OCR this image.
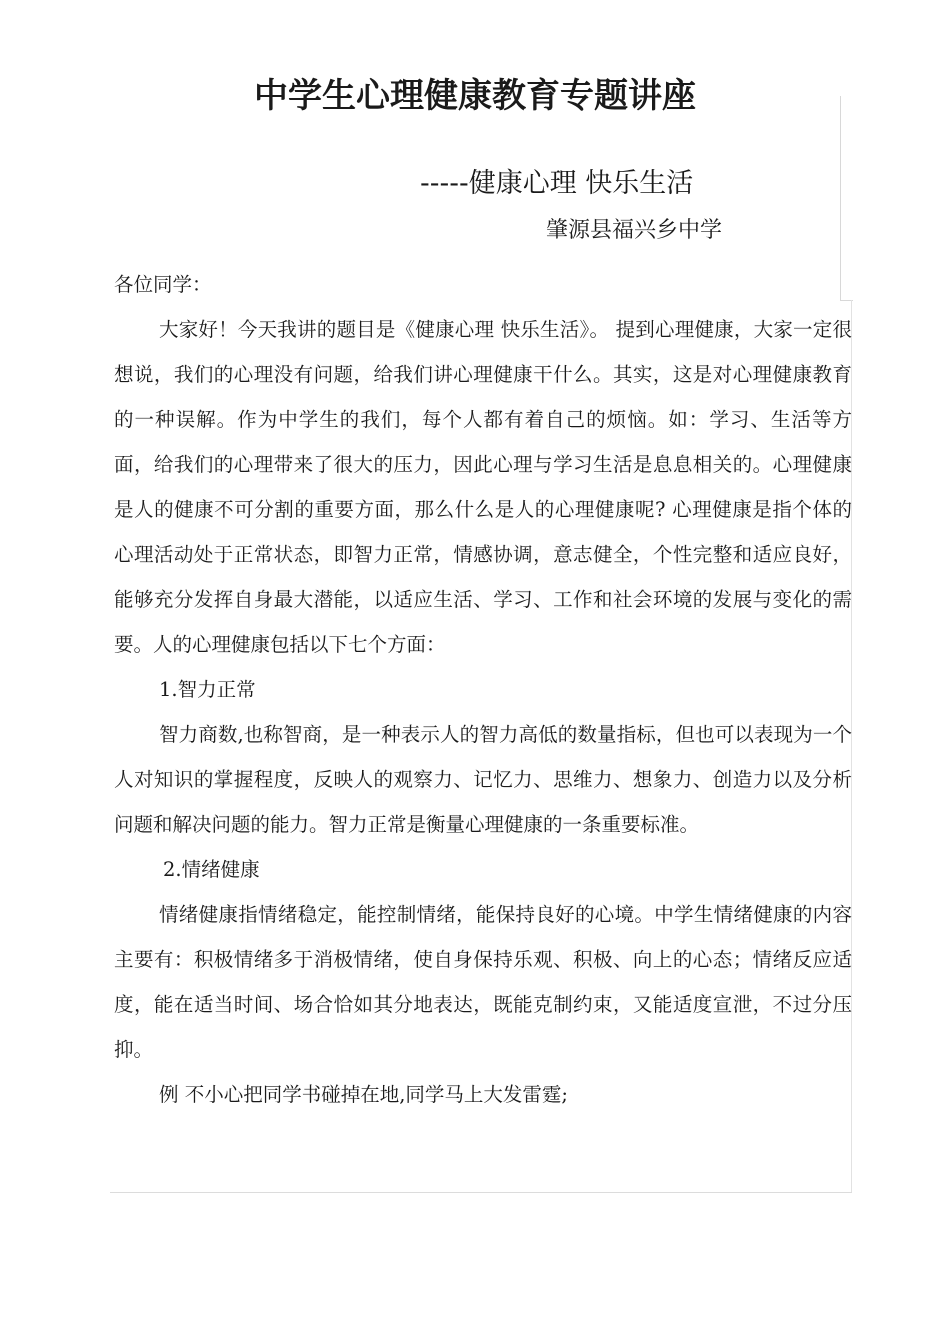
中学生心理健康教育专题讲座
-----健康心理 快乐生活
肇源县福兴乡中学

各位同学：

大家好！今天我讲的题目是《健康心理 快乐生活》。 提到心理健康，大家一定很想说，我们的心理没有问题，给我们讲心理健康干什么。其实，这是对心理健康教育的一种误解。作为中学生的我们，每个人都有着自己的烦恼。如：学习、生活等方面，给我们的心理带来了很大的压力，因此心理与学习生活是息息相关的。心理健康是人的健康不可分割的重要方面，那么什么是人的心理健康呢? 心理健康是指个体的心理活动处于正常状态，即智力正常，情感协调，意志健全，个性完整和适应良好，能够充分发挥自身最大潜能，以适应生活、学习、工作和社会环境的发展与变化的需要。人的心理健康包括以下七个方面：

1.智力正常

智力商数,也称智商，是一种表示人的智力高低的数量指标，但也可以表现为一个人对知识的掌握程度，反映人的观察力、记忆力、思维力、想象力、创造力以及分析问题和解决问题的能力。智力正常是衡量心理健康的一条重要标准。

2.情绪健康

情绪健康指情绪稳定，能控制情绪，能保持良好的心境。中学生情绪健康的内容主要有：积极情绪多于消极情绪，使自身保持乐观、积极、向上的心态；情绪反应适度，能在适当时间、场合恰如其分地表达，既能克制约束，又能适度宣泄，不过分压抑。

例 不小心把同学书碰掉在地,同学马上大发雷霆;
